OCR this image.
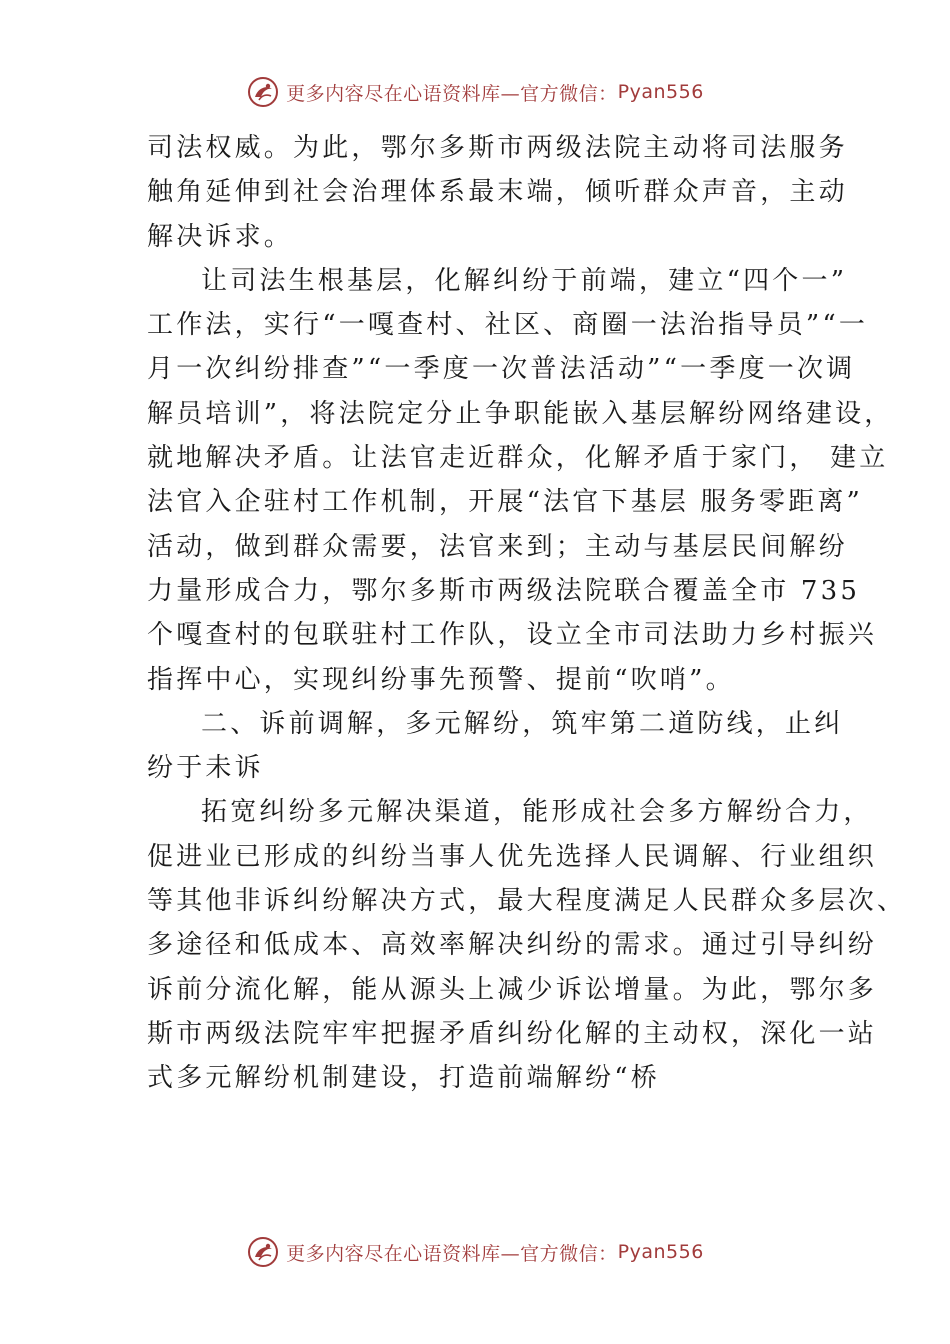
更多内容尽在心语资料库—官方微信： Pyan556
司法权威。为此，鄂尔多斯市两级法院主动将司法服务
触角延伸到社会治理体系最末端，倾听群众声音，主动
解决诉求。
让司法生根基层，化解纠纷于前端，建立“四个一”
工作法，实行“一嘎查村、社区、商圈一法治指导员”“一
月一次纠纷排查”“一季度一次普法活动”“一季度一次调
解员培训”，将法院定分止争职能嵌入基层解纷网络建设，
就地解决矛盾。让法官走近群众，化解矛盾于家门， 建立
法官入企驻村工作机制，开展“法官下基层 服务零距离”
活动，做到群众需要，法官来到；主动与基层民间解纷
力量形成合力，鄂尔多斯市两级法院联合覆盖全市 735
个嘎查村的包联驻村工作队，设立全市司法助力乡村振兴
指挥中心，实现纠纷事先预警、提前“吹哨”。
二、诉前调解，多元解纷，筑牢第二道防线，止纠
纷于未诉
拓宽纠纷多元解决渠道，能形成社会多方解纷合力，
促进业已形成的纠纷当事人优先选择人民调解、行业组织
等其他非诉纠纷解决方式，最大程度满足人民群众多层次、
多途径和低成本、高效率解决纠纷的需求。通过引导纠纷
诉前分流化解，能从源头上减少诉讼增量。为此，鄂尔多
斯市两级法院牢牢把握矛盾纠纷化解的主动权，深化一站
式多元解纷机制建设，打造前端解纷“桥
更多内容尽在心语资料库—官方微信： Pyan556
